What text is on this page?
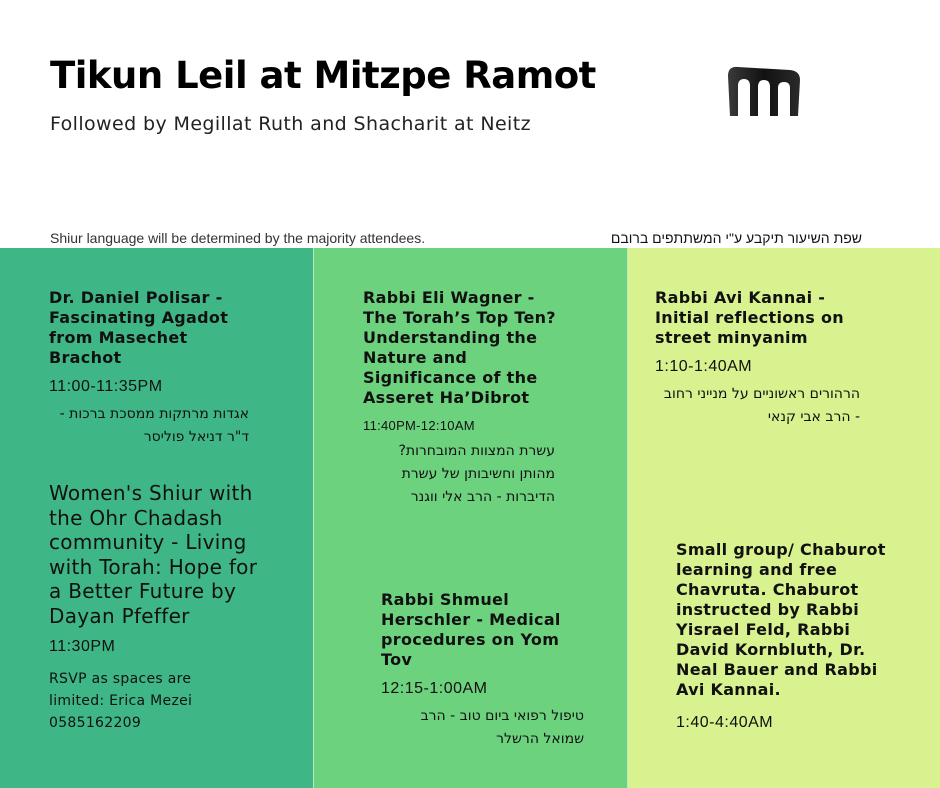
Tikun Leil at Mitzpe Ramot
Followed by Megillat Ruth and Shacharit at Neitz
Shiur language will be determined by the majority attendees.	שפת השיעור תיקבע ע"י המשתתפים ברובם
Dr. Daniel Polisar - Fascinating Agadot from Masechet Brachot
11:00-11:35PM
אגדות מרתקות ממסכת ברכות - ד"ר דניאל פוליסר
Women's Shiur with the Ohr Chadash community - Living with Torah: Hope for a Better Future by Dayan Pfeffer
11:30PM
RSVP as spaces are limited: Erica Mezei 0585162209
Rabbi Eli Wagner - The Torah’s Top Ten? Understanding the Nature and Significance of the Asseret Ha’Dibrot
11:40PM-12:10AM
עשרת המצוות המובחרות? מהותן וחשיבותן של עשרת הדיברות - הרב אלי ווגנר
Rabbi Shmuel Herschler - Medical procedures on Yom Tov
12:15-1:00AM
טיפול רפואי ביום טוב - הרב שמואל הרשלר
Rabbi Avi Kannai - Initial reflections on street minyanim
1:10-1:40AM
הרהורים ראשוניים על מנייני רחוב - הרב אבי קנאי
Small group/ Chaburot learning and free Chavruta. Chaburot instructed by Rabbi Yisrael Feld, Rabbi David Kornbluth, Dr. Neal Bauer and Rabbi Avi Kannai.
1:40-4:40AM
